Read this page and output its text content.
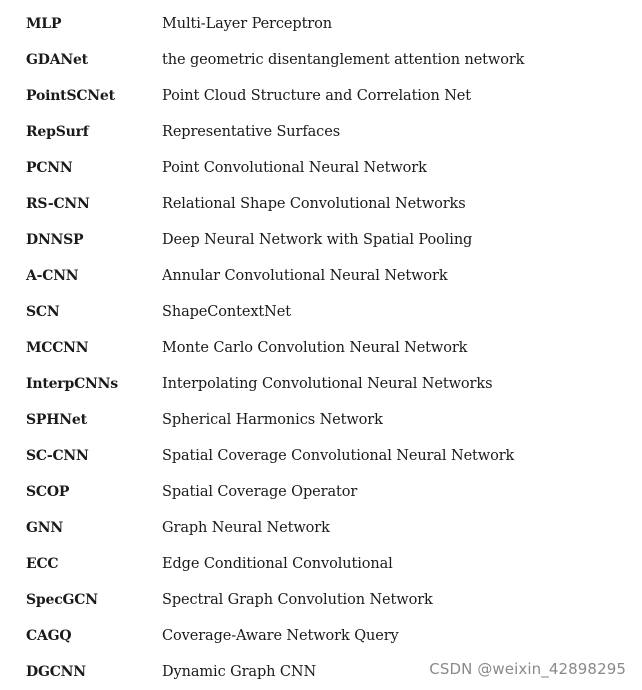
MLP	Multi-Layer Perceptron
GDANet	the geometric disentanglement attention network
PointSCNet	Point Cloud Structure and Correlation Net
RepSurf	Representative Surfaces
PCNN	Point Convolutional Neural Network
RS-CNN	Relational Shape Convolutional Networks
DNNSP	Deep Neural Network with Spatial Pooling
A-CNN	Annular Convolutional Neural Network
SCN	ShapeContextNet
MCCNN	Monte Carlo Convolution Neural Network
InterpCNNs	Interpolating Convolutional Neural Networks
SPHNet	Spherical Harmonics Network
SC-CNN	Spatial Coverage Convolutional Neural Network
SCOP	Spatial Coverage Operator
GNN	Graph Neural Network
ECC	Edge Conditional Convolutional
SpecGCN	Spectral Graph Convolution Network
CAGQ	Coverage-Aware Network Query
DGCNN	Dynamic Graph CNN	CSDN @weixin_42898295
